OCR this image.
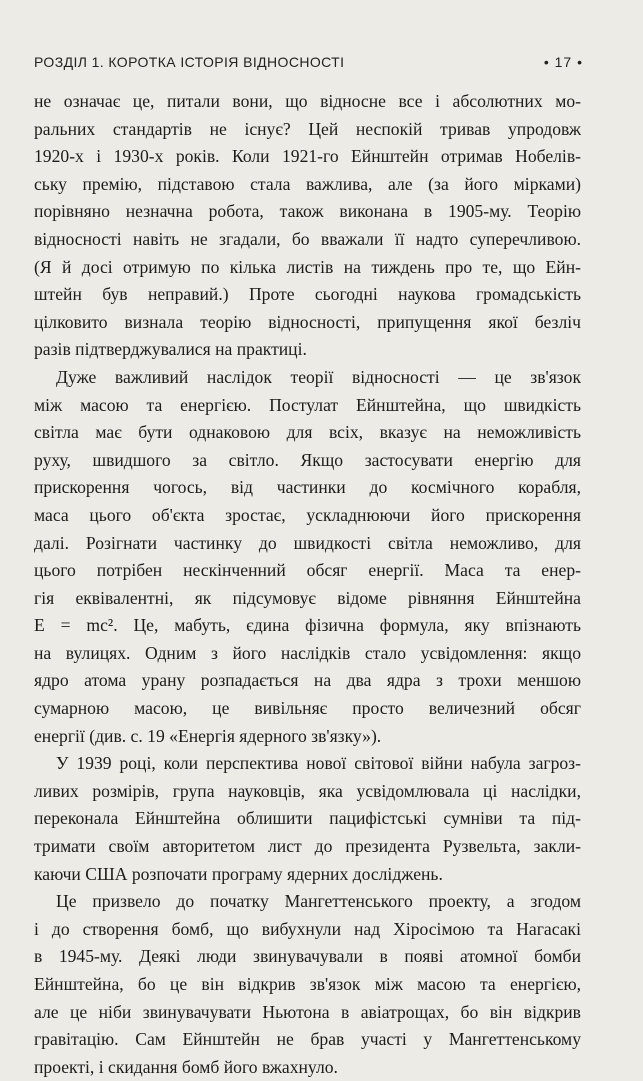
РОЗДІЛ 1. КОРОТКА ІСТОРІЯ ВІДНОСНОСТІ	• 17 •
не означає це, питали вони, що відносне все і абсолютних мо-
ральних стандартів не існує? Цей неспокій тривав упродовж
1920-х і 1930-х років. Коли 1921-го Ейнштейн отримав Нобелів-
ську премію, підставою стала важлива, але (за його мірками)
порівняно незначна робота, також виконана в 1905-му. Теорію
відносності навіть не згадали, бо вважали її надто суперечливою.
(Я й досі отримую по кілька листів на тиждень про те, що Ейн-
штейн був неправий.) Проте сьогодні наукова громадськість
цілковито визнала теорію відносності, припущення якої безліч
разів підтверджувалися на практиці.
Дуже важливий наслідок теорії відносності — це зв'язок
між масою та енергією. Постулат Ейнштейна, що швидкість
світла має бути однаковою для всіх, вказує на неможливість
руху, швидшого за світло. Якщо застосувати енергію для
прискорення чогось, від частинки до космічного корабля,
маса цього об'єкта зростає, ускладнюючи його прискорення
далі. Розігнати частинку до швидкості світла неможливо, для
цього потрібен нескінченний обсяг енергії. Маса та енер-
гія еквівалентні, як підсумовує відоме рівняння Ейнштейна
E = mc². Це, мабуть, єдина фізична формула, яку впізнають
на вулицях. Одним з його наслідків стало усвідомлення: якщо
ядро атома урану розпадається на два ядра з трохи меншою
сумарною масою, це вивільняє просто величезний обсяг
енергії (див. с. 19 «Енергія ядерного зв'язку»).
У 1939 році, коли перспектива нової світової війни набула загроз-
ливих розмірів, група науковців, яка усвідомлювала ці наслідки,
переконала Ейнштейна облишити пацифістські сумніви та під-
тримати своїм авторитетом лист до президента Рузвельта, закли-
каючи США розпочати програму ядерних досліджень.
Це призвело до початку Мангеттенського проекту, а згодом
і до створення бомб, що вибухнули над Хіросімою та Нагасакі
в 1945-му. Деякі люди звинувачували в появі атомної бомби
Ейнштейна, бо це він відкрив зв'язок між масою та енергією,
але це ніби звинувачувати Ньютона в авіатрощах, бо він відкрив
гравітацію. Сам Ейнштейн не брав участі у Мангеттенському
проекті, і скидання бомб його вжахнуло.
